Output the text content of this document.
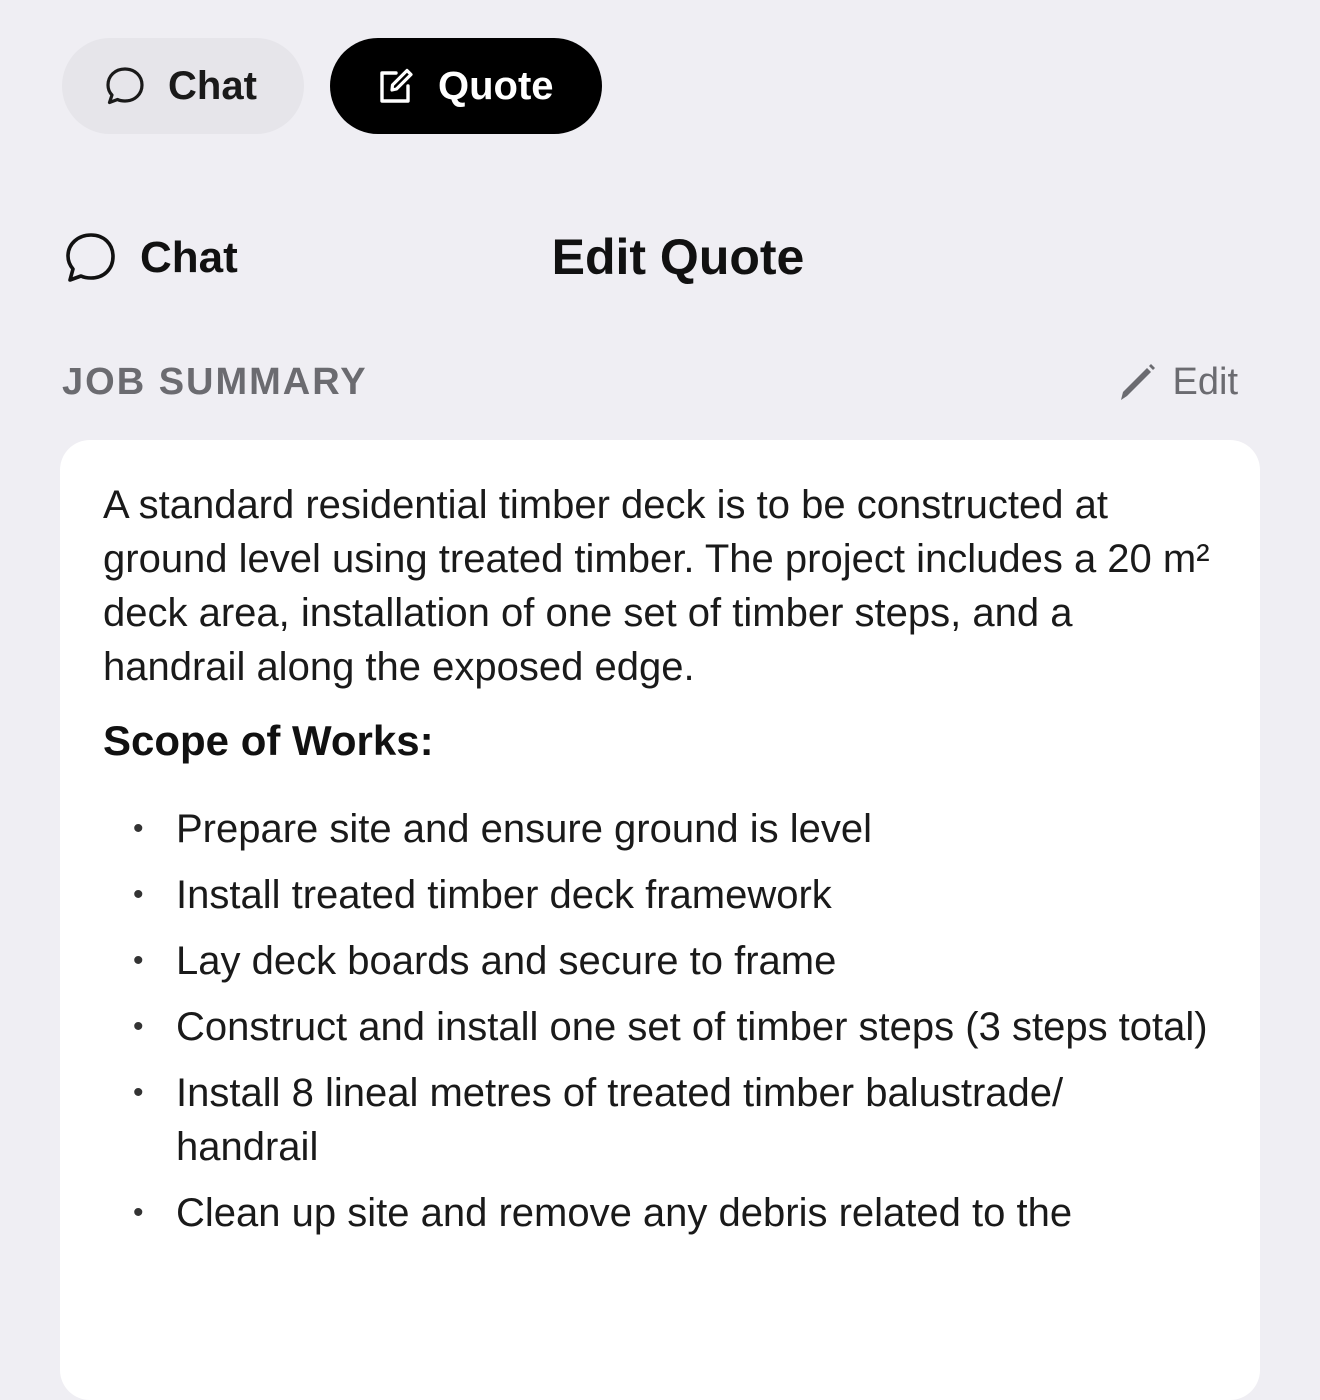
Chat	Quote
Chat	Edit Quote
JOB SUMMARY	Edit

A standard residential timber deck is to be constructed at ground level using treated timber. The project includes a 20 m² deck area, installation of one set of timber steps, and a handrail along the exposed edge.

Scope of Works:

• Prepare site and ensure ground is level
• Install treated timber deck framework
• Lay deck boards and secure to frame
• Construct and install one set of timber steps (3 steps total)
• Install 8 lineal metres of treated timber balustrade/ handrail
• Clean up site and remove any debris related to the
